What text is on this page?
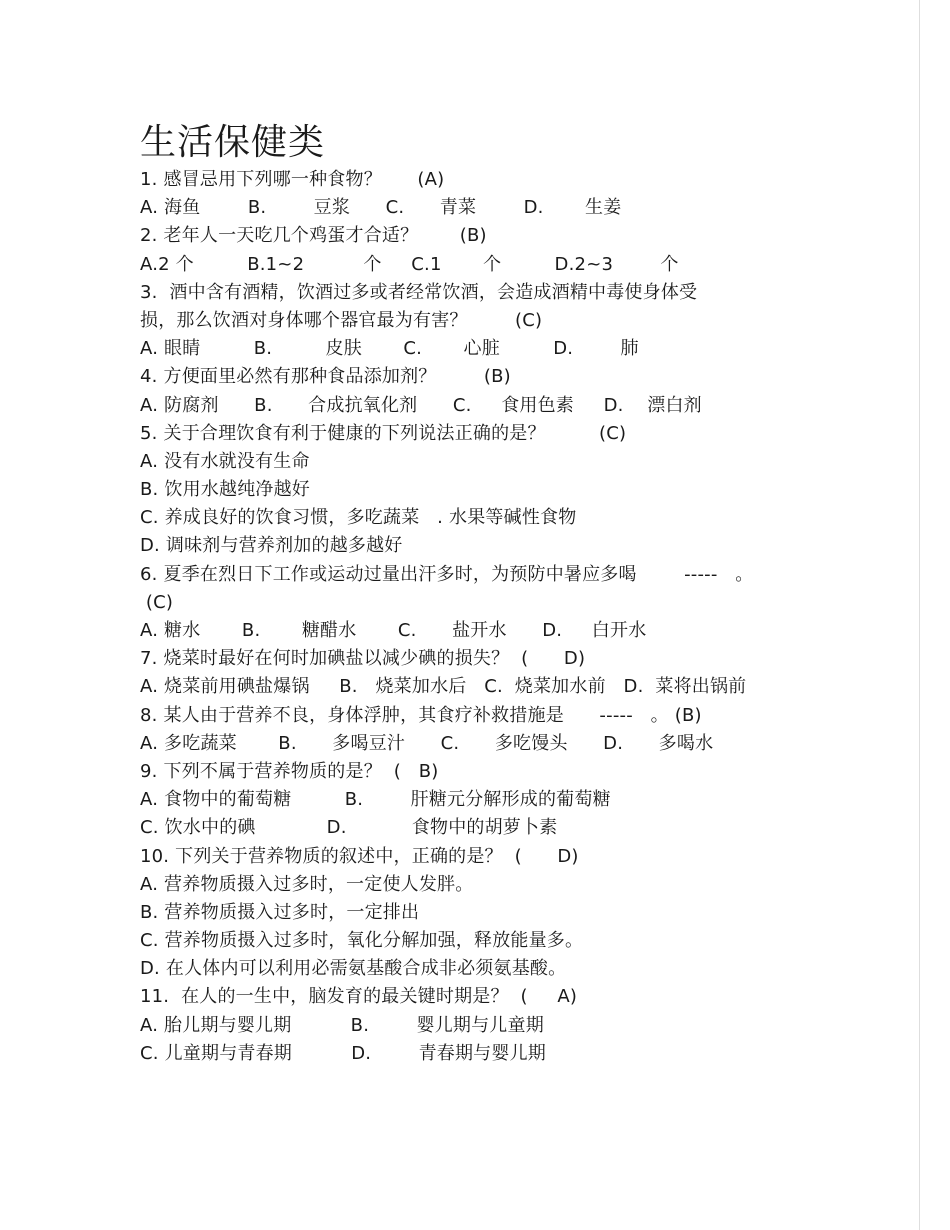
生活保健类
1. 感冒忌用下列哪一种食物？      (A)
A. 海鱼        B.        豆浆      C.      青菜        D.       生姜
2. 老年人一天吃几个鸡蛋才合适？       (B)
A.2 个         B.1~2          个     C.1       个         D.2~3        个
3.  酒中含有酒精，饮酒过多或者经常饮酒，会造成酒精中毒使身体受
损，那么饮酒对身体哪个器官最为有害？        (C)
A. 眼睛         B.         皮肤       C.       心脏         D.        肺
4. 方便面里必然有那种食品添加剂？        (B)
A. 防腐剂      B.      合成抗氧化剂      C.     食用色素     D.    漂白剂
5. 关于合理饮食有利于健康的下列说法正确的是？         (C)
A. 没有水就没有生命
B. 饮用水越纯净越好
C. 养成良好的饮食习惯，多吃蔬菜   . 水果等碱性食物
D. 调味剂与营养剂加的越多越好
6. 夏季在烈日下工作或运动过量出汗多时，为预防中暑应多喝        -----   。
(C)
A. 糖水       B.       糖醋水       C.      盐开水      D.     白开水
7. 烧菜时最好在何时加碘盐以减少碘的损失？  (      D)
A. 烧菜前用碘盐爆锅     B.   烧菜加水后   C.  烧菜加水前   D.  菜将出锅前
8. 某人由于营养不良，身体浮肿，其食疗补救措施是      -----   。 (B)
A. 多吃蔬菜       B.      多喝豆汁      C.      多吃馒头      D.      多喝水
9. 下列不属于营养物质的是？  (   B)
A. 食物中的葡萄糖         B.        肝糖元分解形成的葡萄糖
C. 饮水中的碘            D.           食物中的胡萝卜素
10. 下列关于营养物质的叙述中，正确的是？  (      D)
A. 营养物质摄入过多时，一定使人发胖。
B. 营养物质摄入过多时，一定排出
C. 营养物质摄入过多时，氧化分解加强，释放能量多。
D. 在人体内可以利用必需氨基酸合成非必须氨基酸。
11.  在人的一生中，脑发育的最关键时期是？  (     A)
A. 胎儿期与婴儿期          B.        婴儿期与儿童期
C. 儿童期与青春期          D.        青春期与婴儿期
